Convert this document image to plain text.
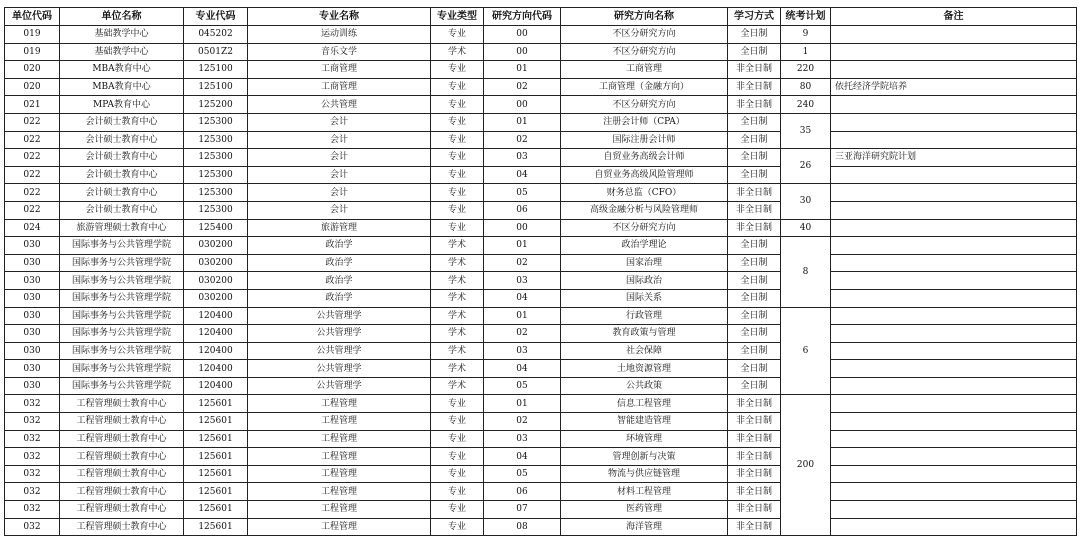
单位代码	单位名称	专业代码	专业名称	专业类型	研究方向代码	研究方向名称	学习方式	统考计划	备注
019	基础教学中心	045202	运动训练	专业	00	不区分研究方向	全日制	9	
019	基础教学中心	0501Z2	音乐文学	学术	00	不区分研究方向	全日制	1	
020	MBA教育中心	125100	工商管理	专业	01	工商管理	非全日制	220	
020	MBA教育中心	125100	工商管理	专业	02	工商管理（金融方向）	非全日制	80	依托经济学院培养
021	MPA教育中心	125200	公共管理	专业	00	不区分研究方向	非全日制	240	
022	会计硕士教育中心	125300	会计	专业	01	注册会计师（CPA）	全日制	35	
022	会计硕士教育中心	125300	会计	专业	02	国际注册会计师	全日制		
022	会计硕士教育中心	125300	会计	专业	03	自贸业务高级会计师	全日制	26	三亚海洋研究院计划
022	会计硕士教育中心	125300	会计	专业	04	自贸业务高级风险管理师	全日制		
022	会计硕士教育中心	125300	会计	专业	05	财务总监（CFO）	非全日制	30	
022	会计硕士教育中心	125300	会计	专业	06	高级金融分析与风险管理师	非全日制		
024	旅游管理硕士教育中心	125400	旅游管理	专业	00	不区分研究方向	非全日制	40	
030	国际事务与公共管理学院	030200	政治学	学术	01	政治学理论	全日制	8	
030	国际事务与公共管理学院	030200	政治学	学术	02	国家治理	全日制		
030	国际事务与公共管理学院	030200	政治学	学术	03	国际政治	全日制		
030	国际事务与公共管理学院	030200	政治学	学术	04	国际关系	全日制		
030	国际事务与公共管理学院	120400	公共管理学	学术	01	行政管理	全日制	6	
030	国际事务与公共管理学院	120400	公共管理学	学术	02	教育政策与管理	全日制		
030	国际事务与公共管理学院	120400	公共管理学	学术	03	社会保障	全日制		
030	国际事务与公共管理学院	120400	公共管理学	学术	04	土地资源管理	全日制		
030	国际事务与公共管理学院	120400	公共管理学	学术	05	公共政策	全日制		
032	工程管理硕士教育中心	125601	工程管理	专业	01	信息工程管理	非全日制	200	
032	工程管理硕士教育中心	125601	工程管理	专业	02	智能建造管理	非全日制		
032	工程管理硕士教育中心	125601	工程管理	专业	03	环境管理	非全日制		
032	工程管理硕士教育中心	125601	工程管理	专业	04	管理创新与决策	非全日制		
032	工程管理硕士教育中心	125601	工程管理	专业	05	物流与供应链管理	非全日制		
032	工程管理硕士教育中心	125601	工程管理	专业	06	材料工程管理	非全日制		
032	工程管理硕士教育中心	125601	工程管理	专业	07	医药管理	非全日制		
032	工程管理硕士教育中心	125601	工程管理	专业	08	海洋管理	非全日制		
